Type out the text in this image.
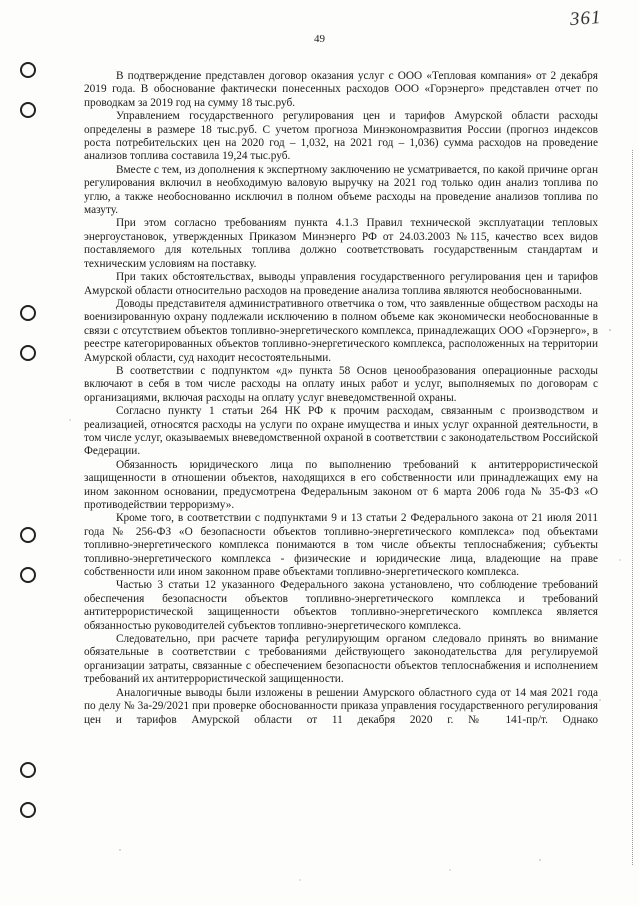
361
49

В подтверждение представлен договор оказания услуг с ООО «Тепловая компания» от 2 декабря 2019 года. В обоснование фактически понесенных расходов ООО «Горэнерго» представлен отчет по проводкам за 2019 год на сумму 18 тыс.руб.

Управлением государственного регулирования цен и тарифов Амурской области расходы определены в размере 18 тыс.руб. С учетом прогноза Минэкономразвития России (прогноз индексов роста потребительских цен на 2020 год – 1,032, на 2021 год – 1,036) сумма расходов на проведение анализов топлива составила 19,24 тыс.руб.

Вместе с тем, из дополнения к экспертному заключению не усматривается, по какой причине орган регулирования включил в необходимую валовую выручку на 2021 год только один анализ топлива по углю, а также необоснованно исключил в полном объеме расходы на проведение анализов топлива по мазуту.

При этом согласно требованиям пункта 4.1.3 Правил технической эксплуатации тепловых энергоустановок, утвержденных Приказом Минэнерго РФ от 24.03.2003 №115, качество всех видов поставляемого для котельных топлива должно соответствовать государственным стандартам и техническим условиям на поставку.

При таких обстоятельствах, выводы управления государственного регулирования цен и тарифов Амурской области относительно расходов на проведение анализа топлива являются необоснованными.

Доводы представителя административного ответчика о том, что заявленные обществом расходы на военизированную охрану подлежали исключению в полном объеме как экономически необоснованные в связи с отсутствием объектов топливно-энергетического комплекса, принадлежащих ООО «Горэнерго», в реестре категорированных объектов топливно-энергетического комплекса, расположенных на территории Амурской области, суд находит несостоятельными.

В соответствии с подпунктом «д» пункта 58 Основ ценообразования операционные расходы включают в себя в том числе расходы на оплату иных работ и услуг, выполняемых по договорам с организациями, включая расходы на оплату услуг вневедомственной охраны.

Согласно пункту 1 статьи 264 НК РФ к прочим расходам, связанным с производством и реализацией, относятся расходы на услуги по охране имущества и иных услуг охранной деятельности, в том числе услуг, оказываемых вневедомственной охраной в соответствии с законодательством Российской Федерации.

Обязанность юридического лица по выполнению требований к антитеррористической защищенности в отношении объектов, находящихся в его собственности или принадлежащих ему на ином законном основании, предусмотрена Федеральным законом от 6 марта 2006 года № 35-ФЗ «О противодействии терроризму».

Кроме того, в соответствии с подпунктами 9 и 13 статьи 2 Федерального закона от 21 июля 2011 года № 256-ФЗ «О безопасности объектов топливно-энергетического комплекса» под объектами топливно-энергетического комплекса понимаются в том числе объекты теплоснабжения; субъекты топливно-энергетического комплекса - физические и юридические лица, владеющие на праве собственности или ином законном праве объектами топливно-энергетического комплекса.

Частью 3 статьи 12 указанного Федерального закона установлено, что соблюдение требований обеспечения безопасности объектов топливно-энергетического комплекса и требований антитеррористической защищенности объектов топливно-энергетического комплекса является обязанностью руководителей субъектов топливно-энергетического комплекса.

Следовательно, при расчете тарифа регулирующим органом следовало принять во внимание обязательные в соответствии с требованиями действующего законодательства для регулируемой организации затраты, связанные с обеспечением безопасности объектов теплоснабжения и исполнением требований их антитеррористической защищенности.

Аналогичные выводы были изложены в решении Амурского областного суда от 14 мая 2021 года по делу № 3а-29/2021 при проверке обоснованности приказа управления государственного регулирования цен и тарифов Амурской области от 11 декабря 2020 г. № 141-пр/т. Однако
